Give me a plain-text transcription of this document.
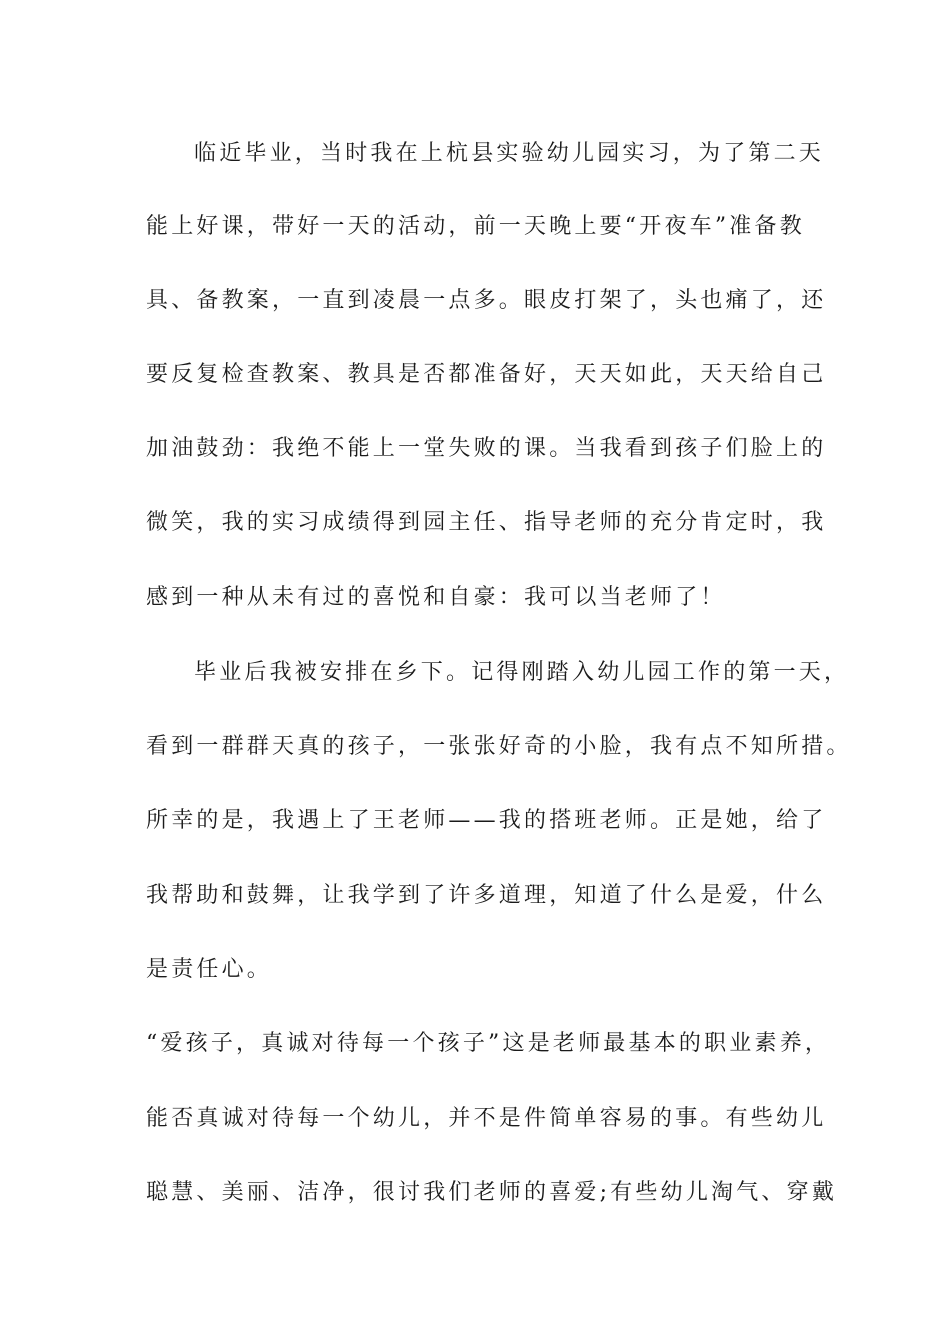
临近毕业，当时我在上杭县实验幼儿园实习，为了第二天
能上好课，带好一天的活动，前一天晚上要“开夜车”准备教
具、备教案，一直到凌晨一点多。眼皮打架了，头也痛了，还
要反复检查教案、教具是否都准备好，天天如此，天天给自己
加油鼓劲：我绝不能上一堂失败的课。当我看到孩子们脸上的
微笑，我的实习成绩得到园主任、指导老师的充分肯定时，我
感到一种从未有过的喜悦和自豪：我可以当老师了！
毕业后我被安排在乡下。记得刚踏入幼儿园工作的第一天，
看到一群群天真的孩子，一张张好奇的小脸，我有点不知所措。
所幸的是，我遇上了王老师——我的搭班老师。正是她，给了
我帮助和鼓舞，让我学到了许多道理，知道了什么是爱，什么
是责任心。
“爱孩子，真诚对待每一个孩子”这是老师最基本的职业素养，
能否真诚对待每一个幼儿，并不是件简单容易的事。有些幼儿
聪慧、美丽、洁净，很讨我们老师的喜爱;有些幼儿淘气、穿戴
